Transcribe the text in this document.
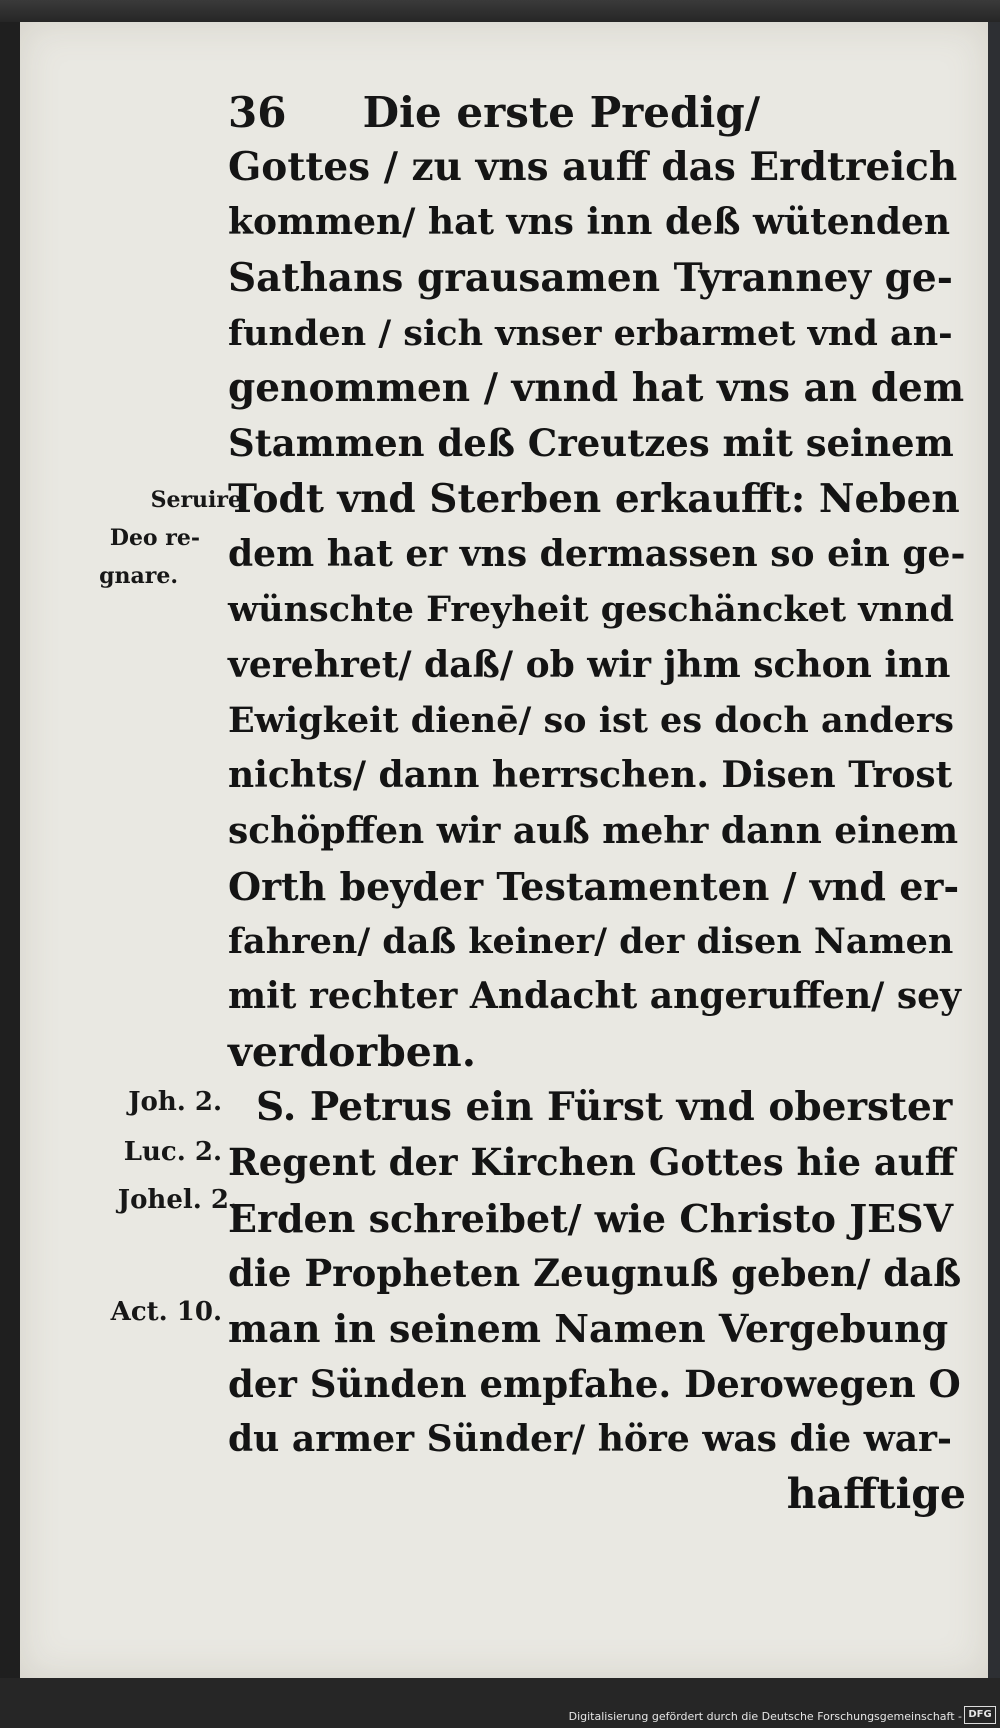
36 Die erste Predig/
Gottes / zu vns auff das Erdtreich
kommen/ hat vns inn deß wütenden
Sathans grausamen Tyranney ge-
funden / sich vnser erbarmet vnd an-
genommen / vnnd hat vns an dem
Stammen deß Creutzes mit seinem
Todt vnd Sterben erkaufft: Neben
dem hat er vns dermassen so ein ge-
wünschte Freyheit geschäncket vnnd
verehret/ daß/ ob wir jhm schon inn
Ewigkeit dienē/ so ist es doch anders
nichts/ dann herrschen. Disen Trost
schöpffen wir auß mehr dann einem
Orth beyder Testamenten / vnd er-
fahren/ daß keiner/ der disen Namen
mit rechter Andacht angeruffen/ sey
verdorben.
S. Petrus ein Fürst vnd oberster
Regent der Kirchen Gottes hie auff
Erden schreibet/ wie Christo JESV
die Propheten Zeugnuß geben/ daß
man in seinem Namen Vergebung
der Sünden empfahe. Derowegen O
du armer Sünder/ höre was die war-
hafftige
Seruire
Deo re-
gnare.
Joh. 2.
Luc. 2.
Johel. 2.
Act. 10.
Digitalisierung gefördert durch die Deutsche Forschungsgemeinschaft - DFG
